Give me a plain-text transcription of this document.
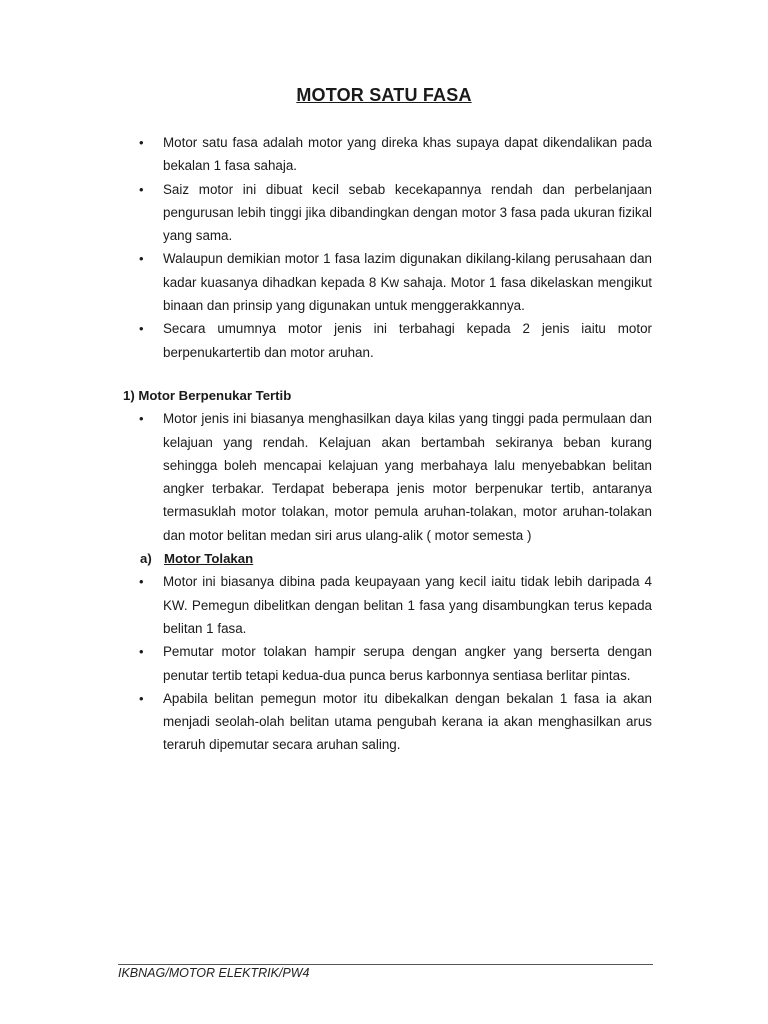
MOTOR SATU FASA
• Motor satu fasa adalah motor yang direka khas supaya dapat dikendalikan pada bekalan 1 fasa sahaja.
• Saiz motor ini dibuat kecil sebab kecekapannya rendah dan perbelanjaan pengurusan lebih tinggi jika dibandingkan dengan motor 3 fasa pada ukuran fizikal yang sama.
• Walaupun demikian motor 1 fasa lazim digunakan dikilang-kilang perusahaan dan kadar kuasanya dihadkan kepada 8 Kw sahaja. Motor 1 fasa dikelaskan mengikut binaan dan prinsip yang digunakan untuk menggerakkannya.
• Secara umumnya motor jenis ini terbahagi kepada 2 jenis iaitu motor berpenukartertib dan motor aruhan.
1) Motor Berpenukar Tertib
• Motor jenis ini biasanya menghasilkan daya kilas yang tinggi pada permulaan dan kelajuan yang rendah. Kelajuan akan bertambah sekiranya beban kurang sehingga boleh mencapai kelajuan yang merbahaya lalu menyebabkan belitan angker terbakar. Terdapat beberapa jenis motor berpenukar tertib, antaranya termasuklah motor tolakan, motor pemula aruhan-tolakan, motor aruhan-tolakan dan motor belitan medan siri arus ulang-alik ( motor semesta )
a) Motor Tolakan
• Motor ini biasanya dibina pada keupayaan yang kecil iaitu tidak lebih daripada 4 KW. Pemegun dibelitkan dengan belitan 1 fasa yang disambungkan terus kepada belitan 1 fasa.
• Pemutar motor tolakan hampir serupa dengan angker yang berserta dengan penutar tertib tetapi kedua-dua punca berus karbonnya sentiasa berlitar pintas.
• Apabila belitan pemegun motor itu dibekalkan dengan bekalan 1 fasa ia akan menjadi seolah-olah belitan utama pengubah kerana ia akan menghasilkan arus teraruh dipemutar secara aruhan saling.
IKBNAG/MOTOR ELEKTRIK/PW4
